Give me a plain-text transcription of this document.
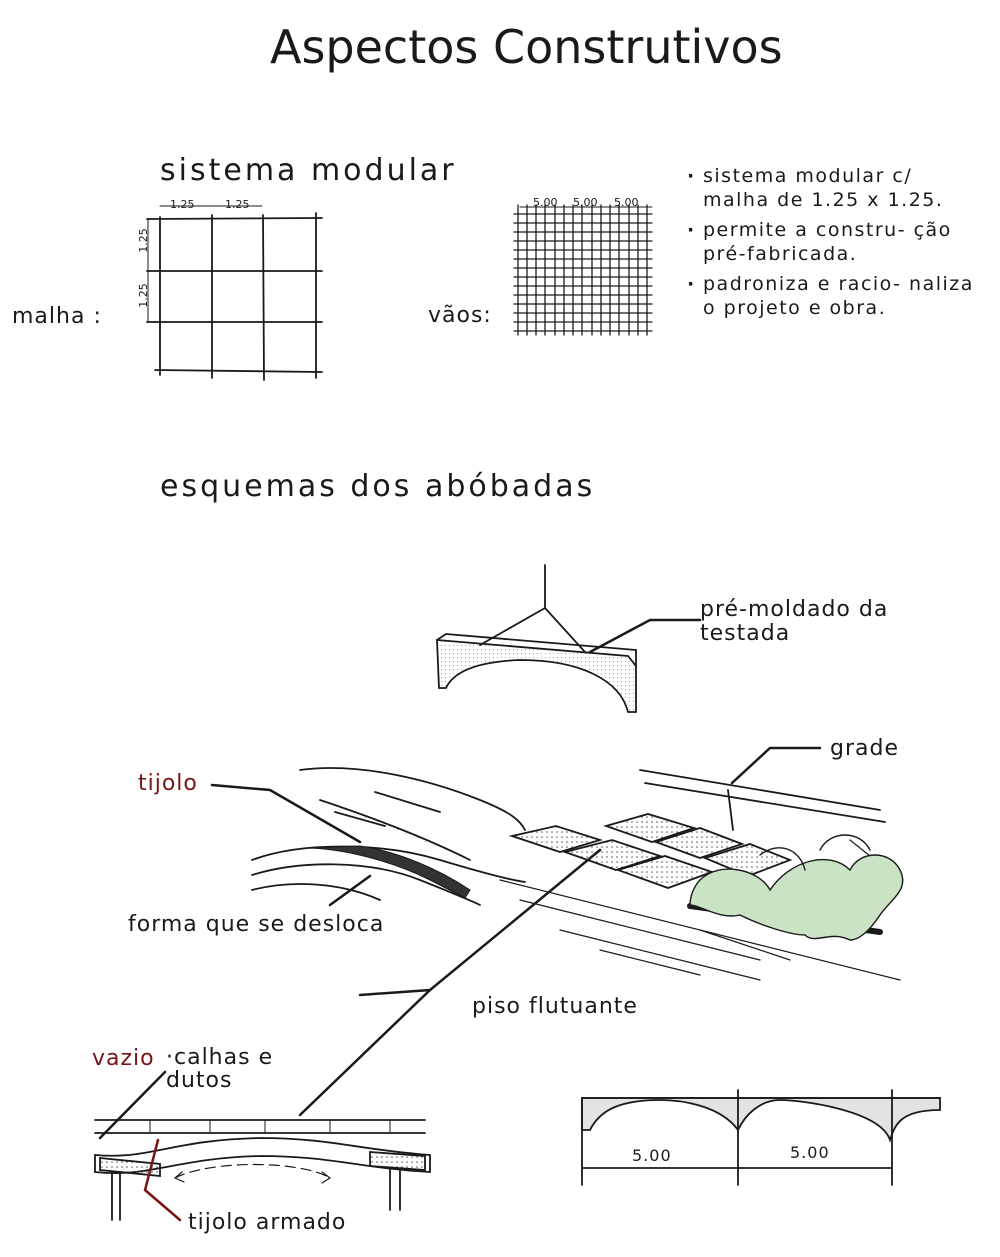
Aspectos Construtivos
sistema modular
malha :	vãos:
1.25	1.25
1.25
1.25
5.00 5.00 5.00
· sistema modular c/ malha de 1.25 x 1.25.
· permite a constru- ção pré-fabricada.
· padroniza e racio- naliza o projeto e obra.
esquemas dos abóbadas
pré-moldado da testada
grade
tijolo
forma que se desloca
piso flutuante
vazio ·calhas e dutos
tijolo armado
5.00	5.00
